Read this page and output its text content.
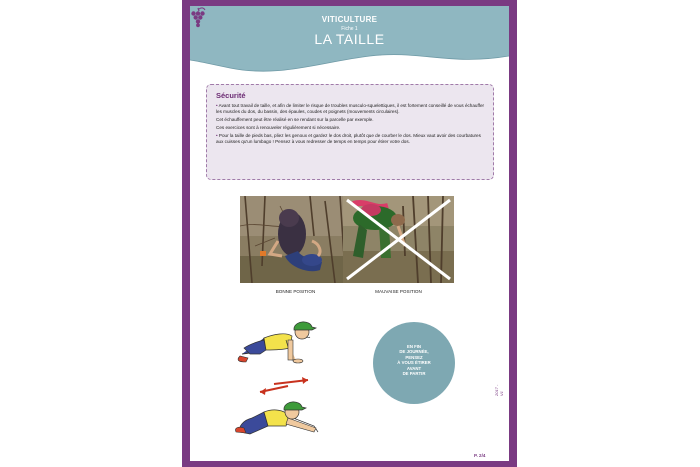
VITICULTURE
Fiche 1
LA TAILLE
Sécurité

• Avant tout travail de taille, et afin de limiter le risque de troubles musculo-squelettiques, il est fortement conseillé de vous échauffer les muscles du dos, du bassin, des épaules, coudes et poignets (mouvements circulaires).

Cet échauffement peut être réalisé en se rendant sur la parcelle par exemple.

Ces exercices sont à renouveler régulièrement si nécessaire.

• Pour la taille de pieds bas, pliez les genoux et gardez le dos droit, plutôt que de courber le dos. Mieux vaut avoir des courbatures aux cuisses qu'un lumbago ! Pensez à vous redresser de temps en temps pour étirer votre dos.

BONNE POSITION	MAUVAISE POSITION
EN FIN
DE JOURNÉE,
PENSEZ
À VOUS ÉTIRER
AVANT
DE PARTIR
2017 - V1
P. 2/4
